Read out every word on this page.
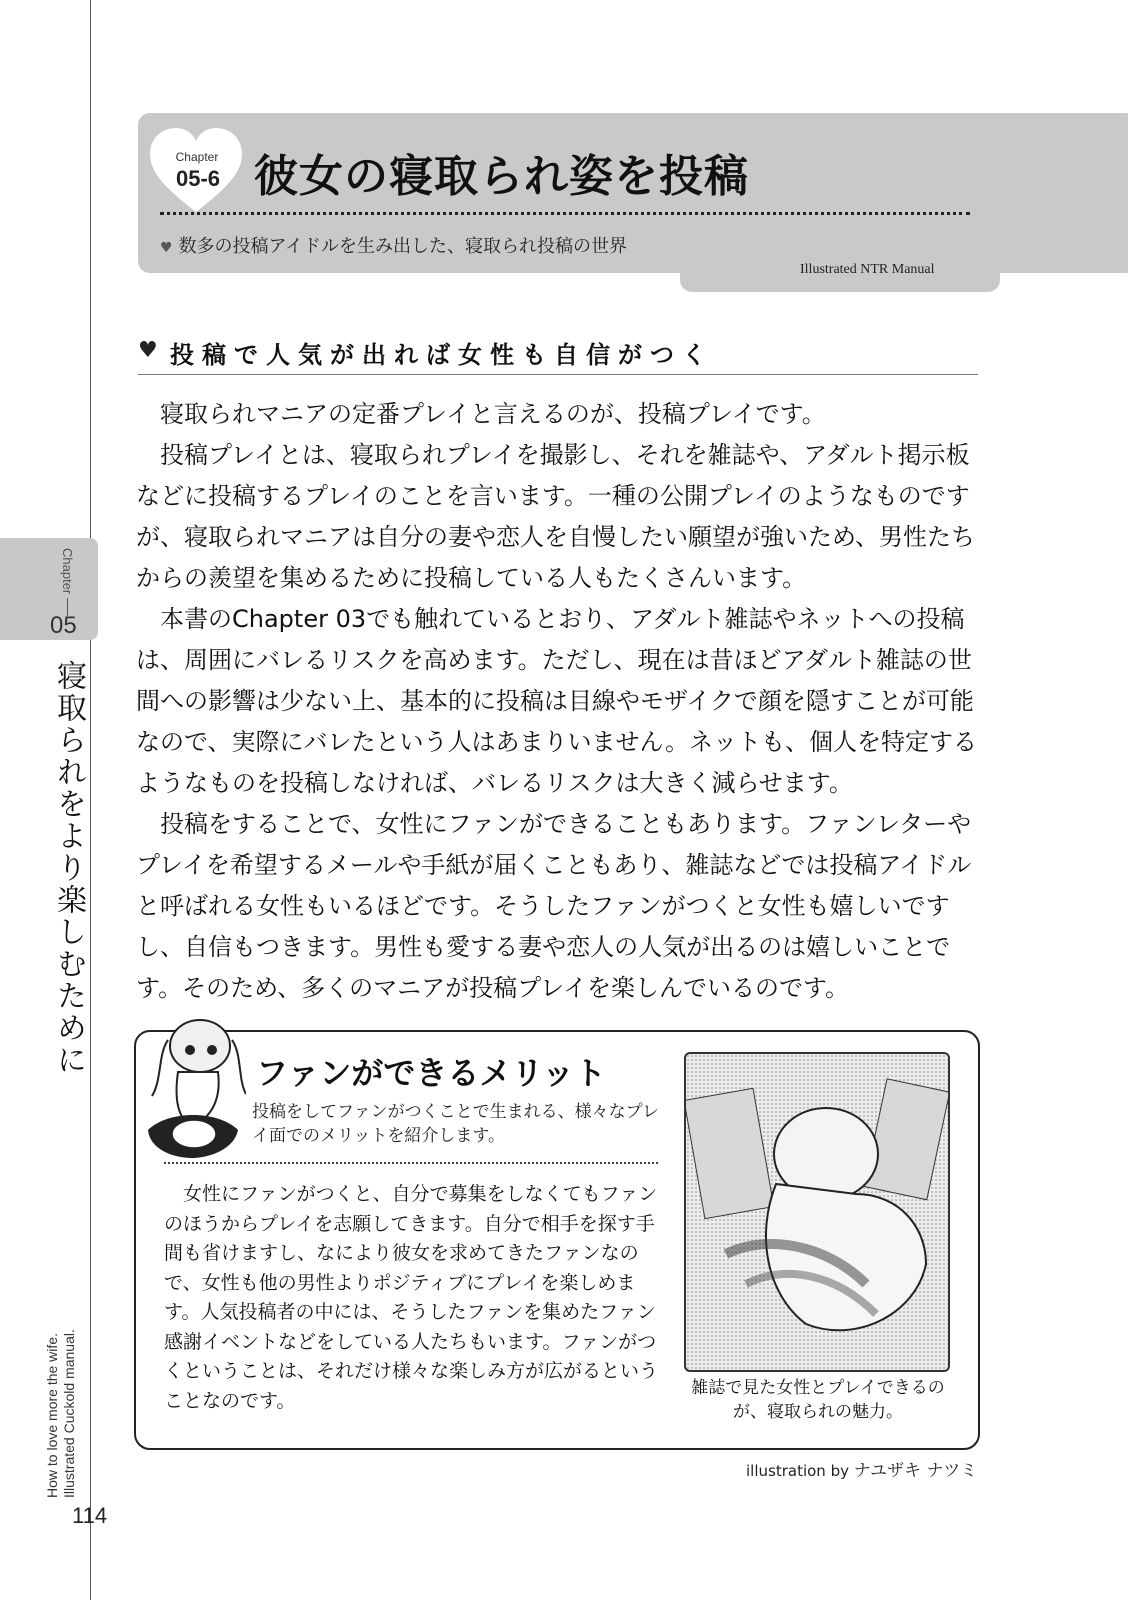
Chapter
05
寝取られをより楽しむために
How to love more the wife.
Illustrated Cuckold manual.
114
Chapter
05-6 彼女の寝取られ姿を投稿
♥ 数多の投稿アイドルを生み出した、寝取られ投稿の世界
Illustrated NTR Manual
♥ 投稿で人気が出れば女性も自信がつく

寝取られマニアの定番プレイと言えるのが、投稿プレイです。

投稿プレイとは、寝取られプレイを撮影し、それを雑誌や、アダルト掲示板などに投稿するプレイのことを言います。一種の公開プレイのようなものですが、寝取られマニアは自分の妻や恋人を自慢したい願望が強いため、男性たちからの羨望を集めるために投稿している人もたくさんいます。

本書のChapter 03でも触れているとおり、アダルト雑誌やネットへの投稿は、周囲にバレるリスクを高めます。ただし、現在は昔ほどアダルト雑誌の世間への影響は少ない上、基本的に投稿は目線やモザイクで顔を隠すことが可能なので、実際にバレたという人はあまりいません。ネットも、個人を特定するようなものを投稿しなければ、バレるリスクは大きく減らせます。

投稿をすることで、女性にファンができることもあります。ファンレターやプレイを希望するメールや手紙が届くこともあり、雑誌などでは投稿アイドルと呼ばれる女性もいるほどです。そうしたファンがつくと女性も嬉しいですし、自信もつきます。男性も愛する妻や恋人の人気が出るのは嬉しいことです。そのため、多くのマニアが投稿プレイを楽しんでいるのです。

ファンができるメリット

投稿をしてファンがつくことで生まれる、様々なプレイ面でのメリットを紹介します。

女性にファンがつくと、自分で募集をしなくてもファンのほうからプレイを志願してきます。自分で相手を探す手間も省けますし、なにより彼女を求めてきたファンなので、女性も他の男性よりポジティブにプレイを楽しめます。人気投稿者の中には、そうしたファンを集めたファン感謝イベントなどをしている人たちもいます。ファンがつくということは、それだけ様々な楽しみ方が広がるということなのです。

雑誌で見た女性とプレイできるのが、寝取られの魅力。

illustration by ナユザキ ナツミ
